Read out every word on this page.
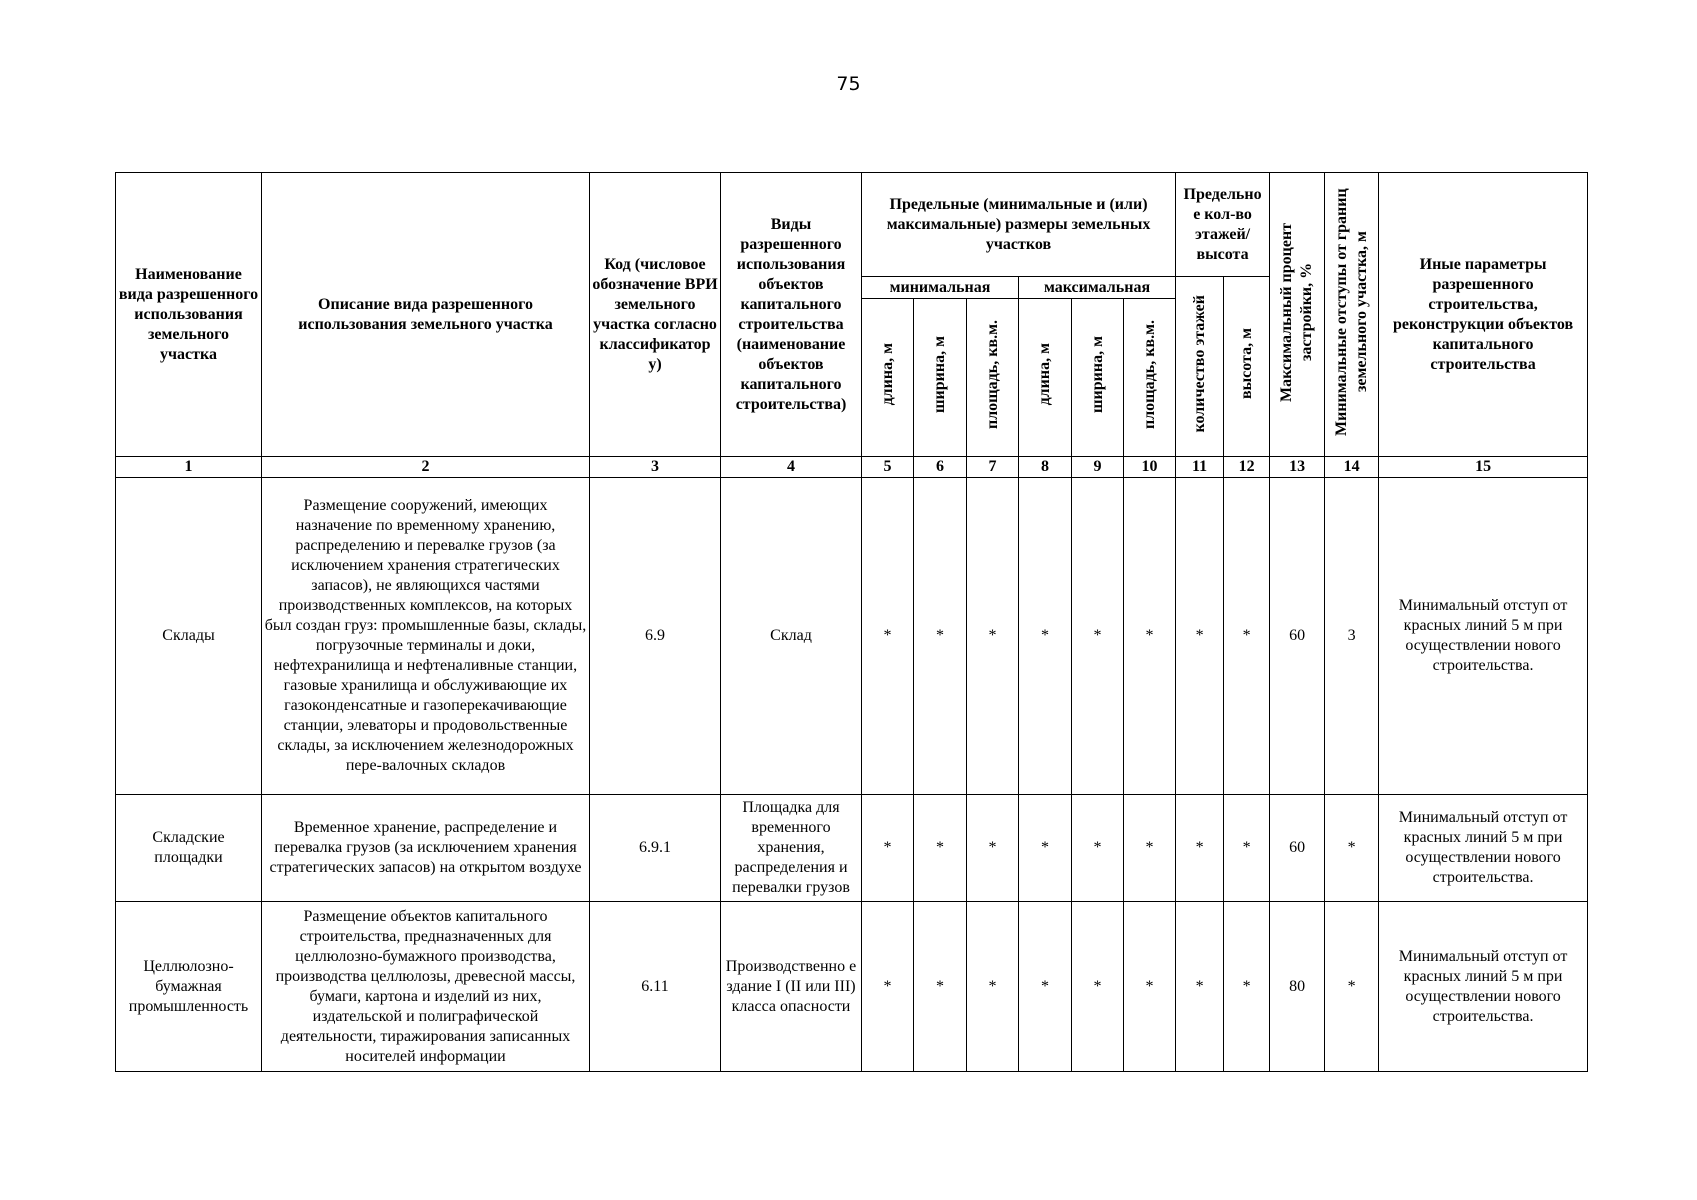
75
Наименование вида разрешенного использования земельного участка	Описание вида разрешенного использования земельного участка	Код (числовое обозначение ВРИ земельного участка согласно классификатор у)	Виды разрешенного использования объектов капитального строительства (наименование объектов капитального строительства)	Предельные (минимальные и (или) максимальные) размеры земельных участков						Предельно е кол-во этажей/ высота		Максимальный процент застройки, %	Минимальные отступы от границ земельного участка, м	Иные параметры разрешенного строительства, реконструкции объектов капитального строительства
				минимальная			максимальная			количество этажей	высота, м			
				длина, м	ширина, м	площадь, кв.м.	длина, м	ширина, м	площадь, кв.м.					
1	2	3	4	5	6	7	8	9	10	11	12	13	14	15
Склады	Размещение сооружений, имеющих назначение по временному хранению, распределению и перевалке грузов (за исключением хранения стратегических запасов), не являющихся частями производственных комплексов, на которых был создан груз: промышленные базы, склады, погрузочные терминалы и доки, нефтехранилища и нефтеналивные станции, газовые хранилища и обслуживающие их газоконденсатные и газоперекачивающие станции, элеваторы и продовольственные склады, за исключением железнодорожных пере-валочных складов	6.9	Склад	*	*	*	*	*	*	*	*	60	3	Минимальный отступ от красных линий 5 м при осуществлении нового строительства.
Складские площадки	Временное хранение, распределение и перевалка грузов (за исключением хранения стратегических запасов) на открытом воздухе	6.9.1	Площадка для временного хранения, распределения и перевалки грузов	*	*	*	*	*	*	*	*	60	*	Минимальный отступ от красных линий 5 м при осуществлении нового строительства.
Целлюлозно-бумажная промышленность	Размещение объектов капитального строительства, предназначенных для целлюлозно-бумажного производства, производства целлюлозы, древесной массы, бумаги, картона и изделий из них, издательской и полиграфической деятельности, тиражирования записанных носителей информации	6.11	Производственно е здание I (II или III) класса опасности	*	*	*	*	*	*	*	*	80	*	Минимальный отступ от красных линий 5 м при осуществлении нового строительства.
